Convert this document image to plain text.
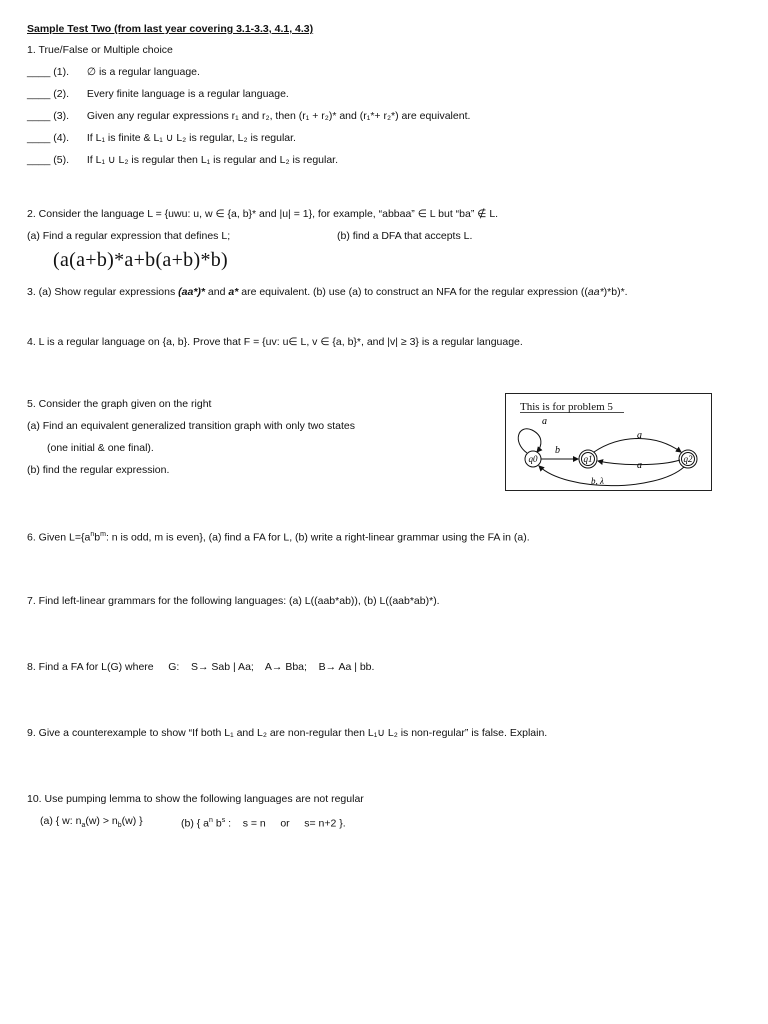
Sample Test Two (from last year covering 3.1-3.3, 4.1, 4.3)
1. True/False or Multiple choice
____ (1). ∅ is a regular language.
____ (2). Every finite language is a regular language.
____ (3). Given any regular expressions r₁ and r₂, then (r₁ + r₂)* and (r₁*+ r₂*) are equivalent.
____ (4). If L₁ is finite & L₁ ∪ L₂ is regular, L₂ is regular.
____ (5). If L₁ ∪ L₂ is regular then L₁ is regular and L₂ is regular.
2. Consider the language L = {uwu: u, w ∈ {a, b}* and |u| = 1}, for example, “abbaa” ∈ L but “ba” ∉ L.
(a) Find a regular expression that defines L;	(b) find a DFA that accepts L.
(a(a+b)*a+b(a+b)*b)
3. (a) Show regular expressions (aa*)* and a* are equivalent. (b) use (a) to construct an NFA for the regular expression ((aa*)*b)*.
4. L is a regular language on {a, b}. Prove that F = {uv: u∈ L, v ∈ {a, b}*, and |v| ≥ 3} is a regular language.
5. Consider the graph given on the right
(a) Find an equivalent generalized transition graph with only two states
(one initial & one final).
(b) find the regular expression.
This is for problem 5
q0	q1	q2
a
b
a
a
b, λ
6. Given $L=\{a^nb^m$: n is odd, m is even}, (a) find a FA for L, (b) write a right-linear grammar using the FA in (a).
7. Find left-linear grammars for the following languages: (a) L((aab*ab)), (b) L((aab*ab)*).
8. Find a FA for L(G) where     G:    S→ Sab | Aa;    A→ Bba;    B→ Aa | bb.
9. Give a counterexample to show “If both L₁ and L₂ are non-regular then L₁∪ L₂ is non-regular” is false. Explain.
10. Use pumping lemma to show the following languages are not regular
(a) { w: $n_a(w) > n_b(w)$ }	(b) { $a^n$ $b^s$ :    s = n     or     s= n+2 }.
